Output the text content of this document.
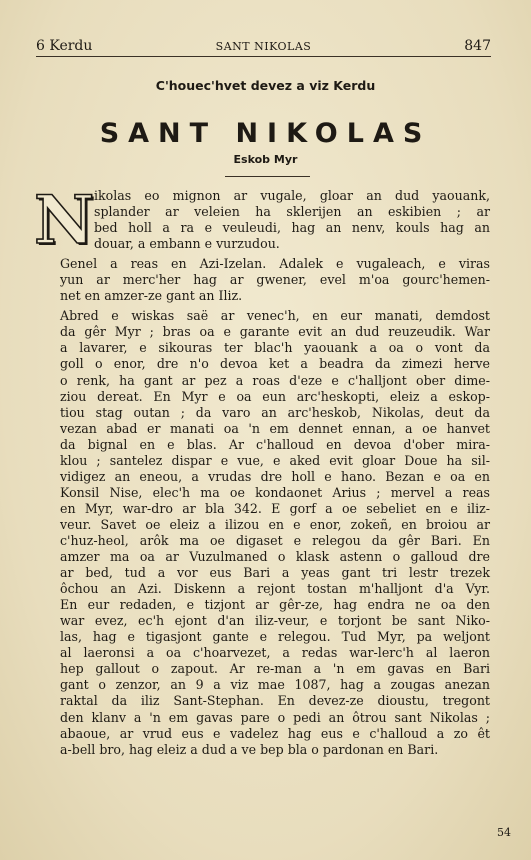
6 Kerdu	SANT NIKOLAS	847
C'houec'hvet devez a viz Kerdu
SANT NIKOLAS
Eskob Myr

N ikolas eo mignon ar vugale, gloar an dud yaouank,
splander ar veleien ha sklerijen an eskibien ; ar
bed holl a ra e veuleudi, hag an nenv, kouls hag an
douar, a embann e vurzudou.

Genel a reas en Azi-Izelan. Adalek e vugaleach, e viras
yun ar merc'her hag ar gwener, evel m'oa gourc'hemen-
net en amzer-ze gant an Iliz.

Abred e wiskas saë ar venec'h, en eur manati, demdost
da gêr Myr ; bras oa e garante evit an dud reuzeudik. War
a lavarer, e sikouras ter blac'h yaouank a oa o vont da
goll o enor, dre n'o devoa ket a beadra da zimezi herve
o renk, ha gant ar pez a roas d'eze e c'halljont ober dime-
ziou dereat. En Myr e oa eun arc'heskopti, eleiz a eskop-
tiou stag outan ; da varo an arc'heskob, Nikolas, deut da
vezan abad er manati oa 'n em dennet ennan, a oe hanvet
da bignal en e blas. Ar c'halloud en devoa d'ober mira-
klou ; santelez dispar e vue, e aked evit gloar Doue ha sil-
vidigez an eneou, a vrudas dre holl e hano. Bezan e oa en
Konsil Nise, elec'h ma oe kondaonet Arius ; mervel a reas
en Myr, war-dro ar bla 342. E gorf a oe sebeliet en e iliz-
veur. Savet oe eleiz a ilizou en e enor, zokeñ, en broiou ar
c'huz-heol, arôk ma oe digaset e relegou da gêr Bari. En
amzer ma oa ar Vuzulmaned o klask astenn o galloud dre
ar bed, tud a vor eus Bari a yeas gant tri lestr trezek
ôchou an Azi. Diskenn a rejont tostan m'halljont d'a Vyr.
En eur redaden, e tizjont ar gêr-ze, hag endra ne oa den
war evez, ec'h ejont d'an iliz-veur, e torjont be sant Niko-
las, hag e tigasjont gante e relegou. Tud Myr, pa weljont
al laeronsi a oa c'hoarvezet, a redas war-lerc'h al laeron
hep gallout o zapout. Ar re-man a 'n em gavas en Bari
gant o zenzor, an 9 a viz mae 1087, hag a zougas anezan
raktal da iliz Sant-Stephan. En devez-ze dioustu, tregont
den klanv a 'n em gavas pare o pedi an ôtrou sant Nikolas ;
abaoue, ar vrud eus e vadelez hag eus e c'halloud a zo êt
a-bell bro, hag eleiz a dud a ve bep bla o pardonan en Bari.

54
